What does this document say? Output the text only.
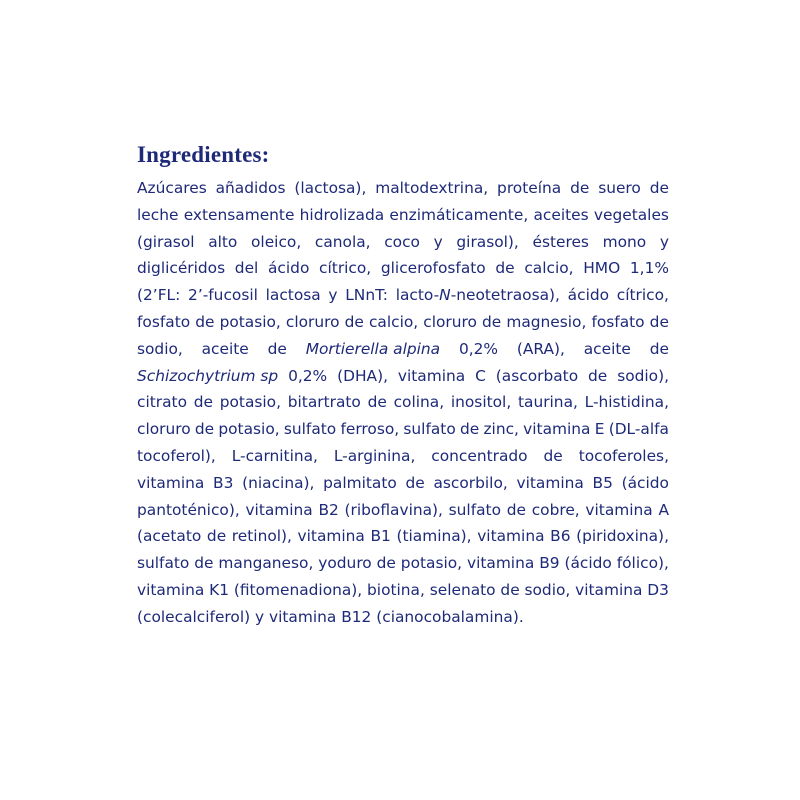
Ingredientes:
Azúcares añadidos (lactosa), maltodextrina, proteína de suero de
leche extensamente hidrolizada enzimáticamente, aceites vegetales
(girasol alto oleico, canola, coco y girasol), ésteres mono y
diglicéridos del ácido cítrico, glicerofosfato de calcio, HMO 1,1%
(2’FL: 2’-fucosil lactosa y LNnT: lacto-N-neotetraosa), ácido cítrico,
fosfato de potasio, cloruro de calcio, cloruro de magnesio, fosfato de
sodio, aceite de Mortierella alpina 0,2% (ARA), aceite de
Schizochytrium sp 0,2% (DHA), vitamina C (ascorbato de sodio),
citrato de potasio, bitartrato de colina, inositol, taurina, L-histidina,
cloruro de potasio, sulfato ferroso, sulfato de zinc, vitamina E (DL-alfa
tocoferol), L-carnitina, L-arginina, concentrado de tocoferoles,
vitamina B3 (niacina), palmitato de ascorbilo, vitamina B5 (ácido
pantoténico), vitamina B2 (riboflavina), sulfato de cobre, vitamina A
(acetato de retinol), vitamina B1 (tiamina), vitamina B6 (piridoxina),
sulfato de manganeso, yoduro de potasio, vitamina B9 (ácido fólico),
vitamina K1 (fitomenadiona), biotina, selenato de sodio, vitamina D3
(colecalciferol) y vitamina B12 (cianocobalamina).
